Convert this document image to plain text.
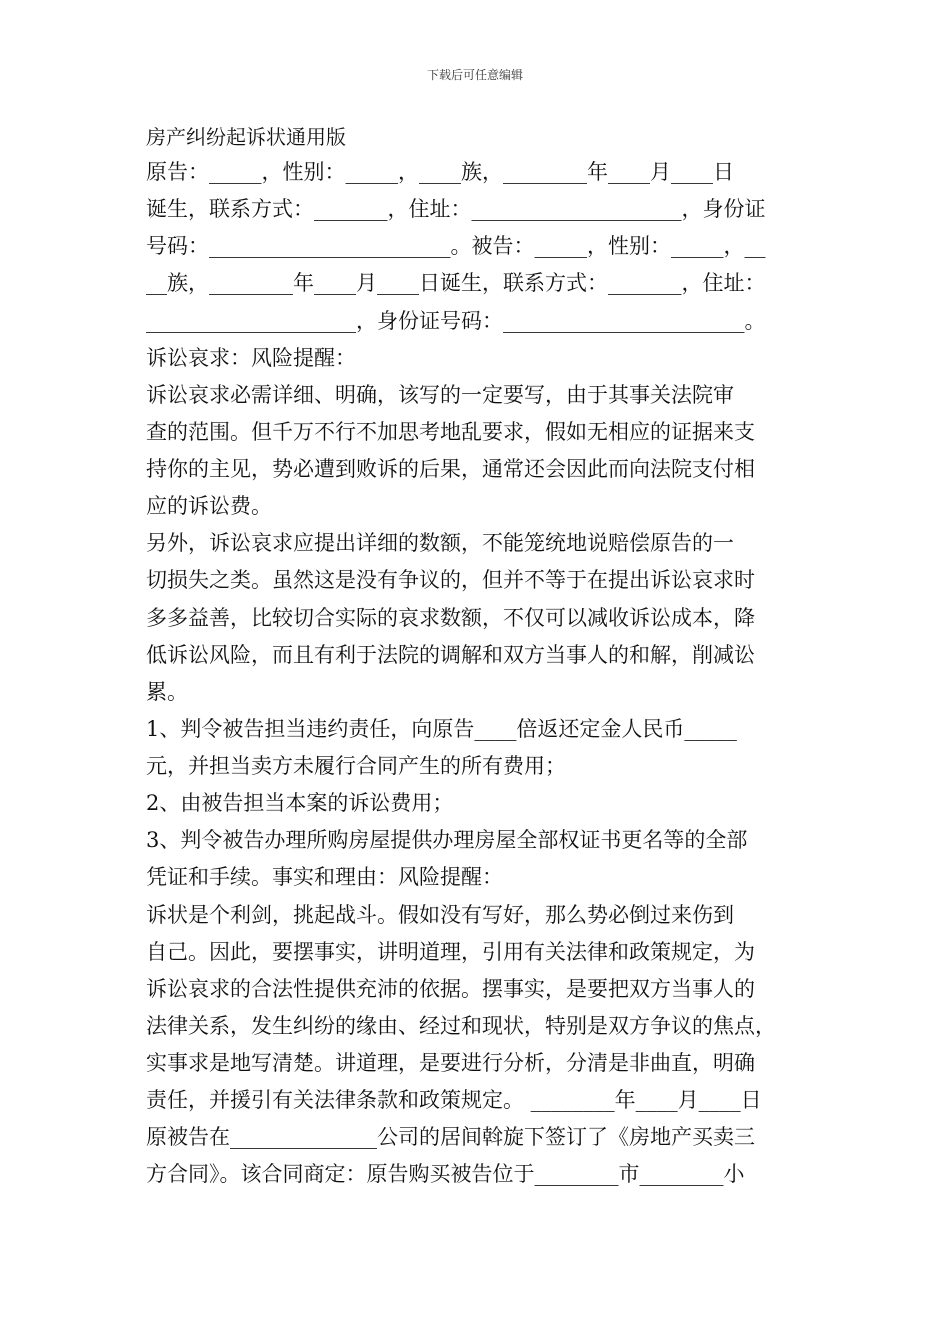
下载后可任意编辑
房产纠纷起诉状通用版
原告：_____，性别：_____，____族，________年____月____日
诞生，联系方式：_______，住址：____________________，身份证
号码：_______________________。被告：_____，性别：_____，__
__族，________年____月____日诞生，联系方式：_______，住址：
____________________，身份证号码：_______________________。
诉讼哀求：风险提醒：
诉讼哀求必需详细、明确，该写的一定要写，由于其事关法院审
查的范围。但千万不行不加思考地乱要求，假如无相应的证据来支
持你的主见，势必遭到败诉的后果，通常还会因此而向法院支付相
应的诉讼费。
另外，诉讼哀求应提出详细的数额，不能笼统地说赔偿原告的一
切损失之类。虽然这是没有争议的，但并不等于在提出诉讼哀求时
多多益善，比较切合实际的哀求数额，不仅可以减收诉讼成本，降
低诉讼风险，而且有利于法院的调解和双方当事人的和解，削减讼
累。
1、判令被告担当违约责任，向原告____倍返还定金人民币_____
元，并担当卖方未履行合同产生的所有费用；
2、由被告担当本案的诉讼费用；
3、判令被告办理所购房屋提供办理房屋全部权证书更名等的全部
凭证和手续。事实和理由：风险提醒：
诉状是个利剑，挑起战斗。假如没有写好，那么势必倒过来伤到
自己。因此，要摆事实，讲明道理，引用有关法律和政策规定，为
诉讼哀求的合法性提供充沛的依据。摆事实，是要把双方当事人的
法律关系，发生纠纷的缘由、经过和现状，特别是双方争议的焦点，
实事求是地写清楚。讲道理，是要进行分析，分清是非曲直，明确
责任，并援引有关法律条款和政策规定。 ________年____月____日
原被告在______________公司的居间斡旋下签订了《房地产买卖三
方合同》。该合同商定：原告购买被告位于________市________小
